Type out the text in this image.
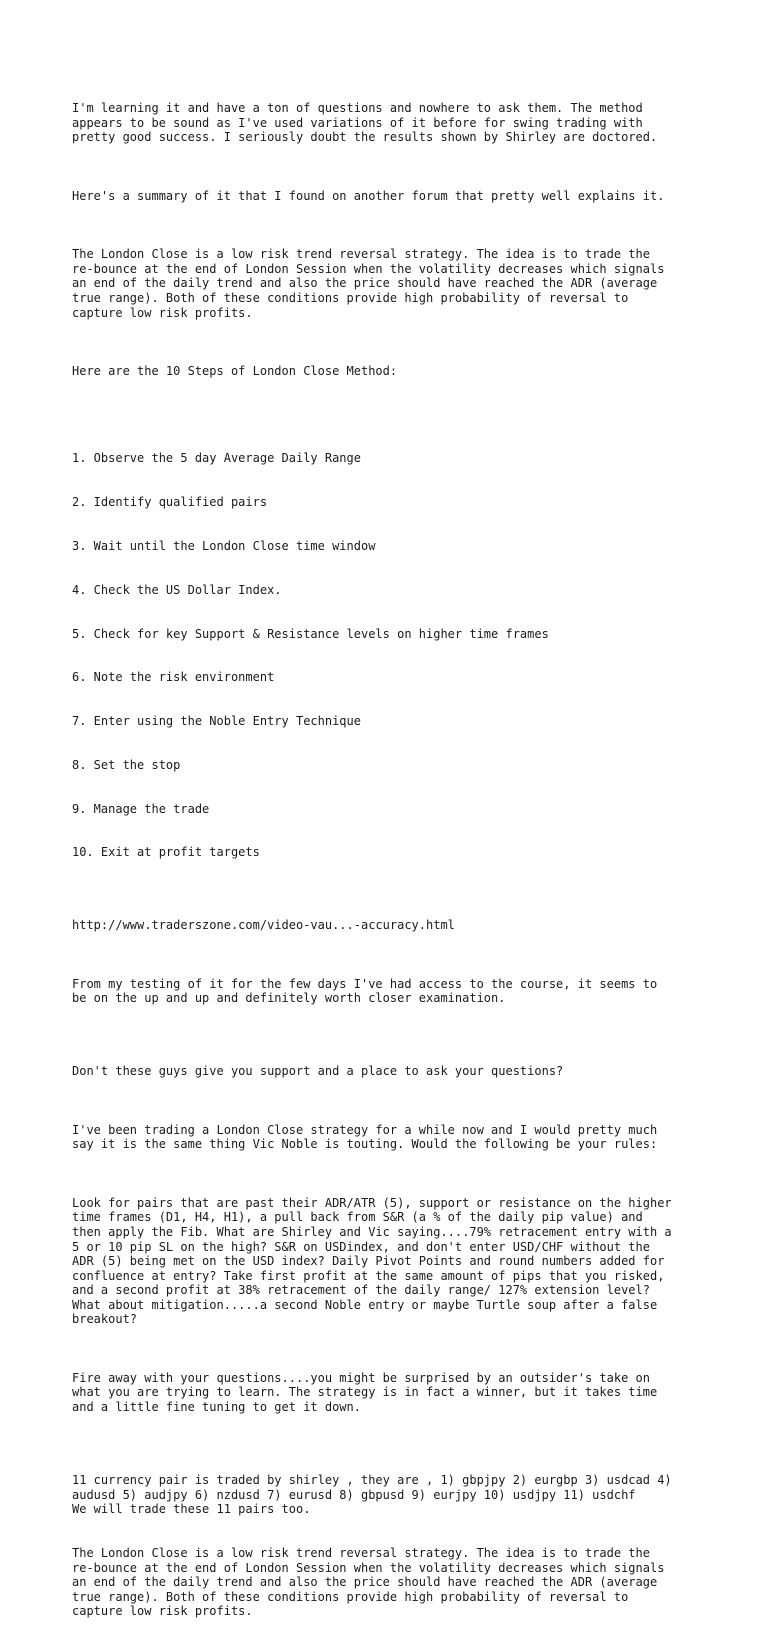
I'm learning it and have a ton of questions and nowhere to ask them. The method
appears to be sound as I've used variations of it before for swing trading with
pretty good success. I seriously doubt the results shown by Shirley are doctored.

Here's a summary of it that I found on another forum that pretty well explains it.

The London Close is a low risk trend reversal strategy. The idea is to trade the
re-bounce at the end of London Session when the volatility decreases which signals
an end of the daily trend and also the price should have reached the ADR (average
true range). Both of these conditions provide high probability of reversal to
capture low risk profits.

Here are the 10 Steps of London Close Method:

1. Observe the 5 day Average Daily Range

2. Identify qualified pairs

3. Wait until the London Close time window

4. Check the US Dollar Index.

5. Check for key Support & Resistance levels on higher time frames

6. Note the risk environment

7. Enter using the Noble Entry Technique

8. Set the stop

9. Manage the trade

10. Exit at profit targets

http://www.traderszone.com/video-vau...-accuracy.html

From my testing of it for the few days I've had access to the course, it seems to
be on the up and up and definitely worth closer examination.

Don't these guys give you support and a place to ask your questions?

I've been trading a London Close strategy for a while now and I would pretty much
say it is the same thing Vic Noble is touting. Would the following be your rules:

Look for pairs that are past their ADR/ATR (5), support or resistance on the higher
time frames (D1, H4, H1), a pull back from S&R (a % of the daily pip value) and
then apply the Fib. What are Shirley and Vic saying....79% retracement entry with a
5 or 10 pip SL on the high? S&R on USDindex, and don't enter USD/CHF without the
ADR (5) being met on the USD index? Daily Pivot Points and round numbers added for
confluence at entry? Take first profit at the same amount of pips that you risked,
and a second profit at 38% retracement of the daily range/ 127% extension level?
What about mitigation.....a second Noble entry or maybe Turtle soup after a false
breakout?

Fire away with your questions....you might be surprised by an outsider's take on
what you are trying to learn. The strategy is in fact a winner, but it takes time
and a little fine tuning to get it down.

11 currency pair is traded by shirley , they are , 1) gbpjpy 2) eurgbp 3) usdcad 4)
audusd 5) audjpy 6) nzdusd 7) eurusd 8) gbpusd 9) eurjpy 10) usdjpy 11) usdchf
We will trade these 11 pairs too.

The London Close is a low risk trend reversal strategy. The idea is to trade the
re-bounce at the end of London Session when the volatility decreases which signals
an end of the daily trend and also the price should have reached the ADR (average
true range). Both of these conditions provide high probability of reversal to
capture low risk profits.
